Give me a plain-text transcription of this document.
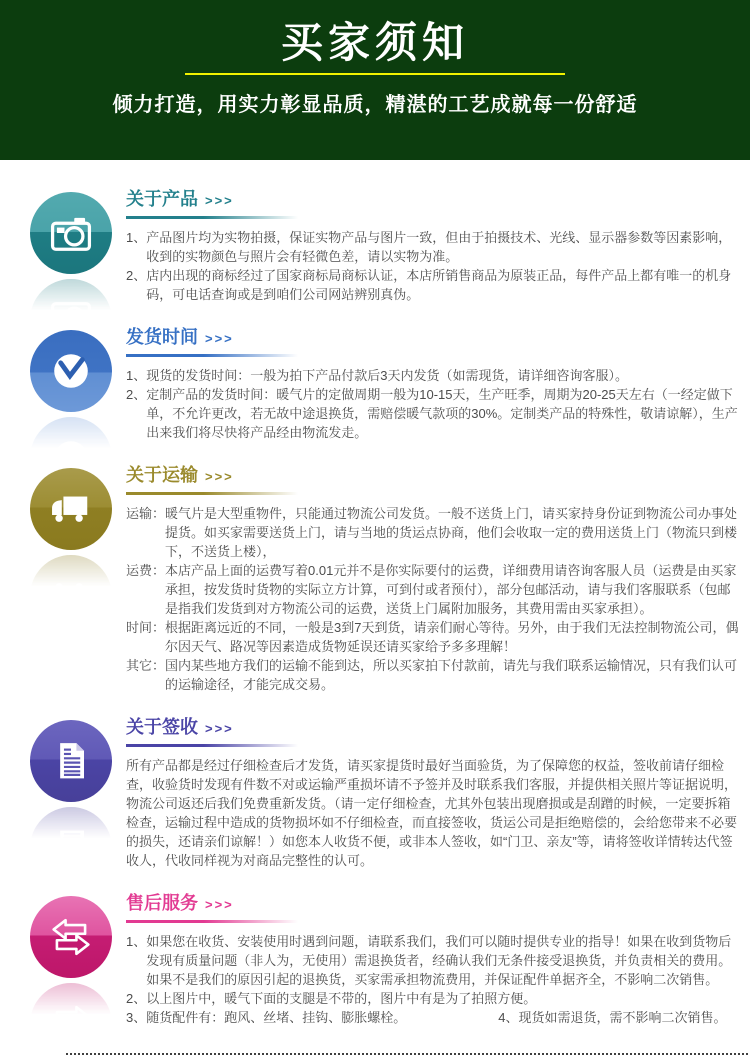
买家须知
倾力打造，用实力彰显品质，精湛的工艺成就每一份舒适
关于产品 >>>
1、 产品图片均为实物拍摄，保证实物产品与图片一致，但由于拍摄技术、光线、显示器参数等因素影响，收到的实物颜色与照片会有轻微色差，请以实物为准。
2、 店内出现的商标经过了国家商标局商标认证，本店所销售商品为原装正品，每件产品上都有唯一的机身码，可电话查询或是到咱们公司网站辨别真伪。
发货时间 >>>
1、 现货的发货时间：一般为拍下产品付款后3天内发货（如需现货，请详细咨询客服）。
2、 定制产品的发货时间：暖气片的定做周期一般为10-15天，生产旺季，周期为20-25天左右（一经定做下单，不允许更改，若无故中途退换货，需赔偿暖气款项的30%。定制类产品的特殊性，敬请谅解），生产出来我们将尽快将产品经由物流发走。
关于运输 >>>
运输： 暖气片是大型重物件，只能通过物流公司发货。一般不送货上门，请买家持身份证到物流公司办事处提货。如买家需要送货上门，请与当地的货运点协商，他们会收取一定的费用送货上门（物流只到楼下，不送货上楼），
运费： 本店产品上面的运费写着0.01元并不是你实际要付的运费，详细费用请咨询客服人员（运费是由买家承担，按发货时货物的实际立方计算，可到付或者预付），部分包邮活动，请与我们客服联系（包邮是指我们发货到对方物流公司的运费，送货上门属附加服务，其费用需由买家承担）。
时间： 根据距离远近的不同，一般是3到7天到货，请亲们耐心等待。另外，由于我们无法控制物流公司，偶尔因天气、路况等因素造成货物延误还请买家给予多多理解！
其它： 国内某些地方我们的运输不能到达，所以买家拍下付款前，请先与我们联系运输情况，只有我们认可的运输途径，才能完成交易。
关于签收 >>>
所有产品都是经过仔细检查后才发货，请买家提货时最好当面验货，为了保障您的权益，签收前请仔细检查，收验货时发现有件数不对或运输严重损坏请不予签并及时联系我们客服，并提供相关照片等证据说明，物流公司返还后我们免费重新发货。（请一定仔细检查，尤其外包装出现磨损或是刮蹭的时候，一定要拆箱检查，运输过程中造成的货物损坏如不仔细检查，而直接签收，货运公司是拒绝赔偿的，会给您带来不必要的损失，还请亲们谅解！）如您本人收货不便，或非本人签收，如“门卫、亲友”等，请将签收详情转达代签收人，代收同样视为对商品完整性的认可。
售后服务 >>>
1、 如果您在收货、安装使用时遇到问题，请联系我们，我们可以随时提供专业的指导！如果在收到货物后发现有质量问题（非人为，无使用）需退换货者，经确认我们无条件接受退换货，并负责相关的费用。如果不是我们的原因引起的退换货，买家需承担物流费用，并保证配件单据齐全，不影响二次销售。
2、 以上图片中，暖气下面的支腿是不带的，图片中有是为了拍照方便。
3、 随货配件有：跑风、丝堵、挂钩、膨胀螺栓。	4、 现货如需退货，需不影响二次销售。
